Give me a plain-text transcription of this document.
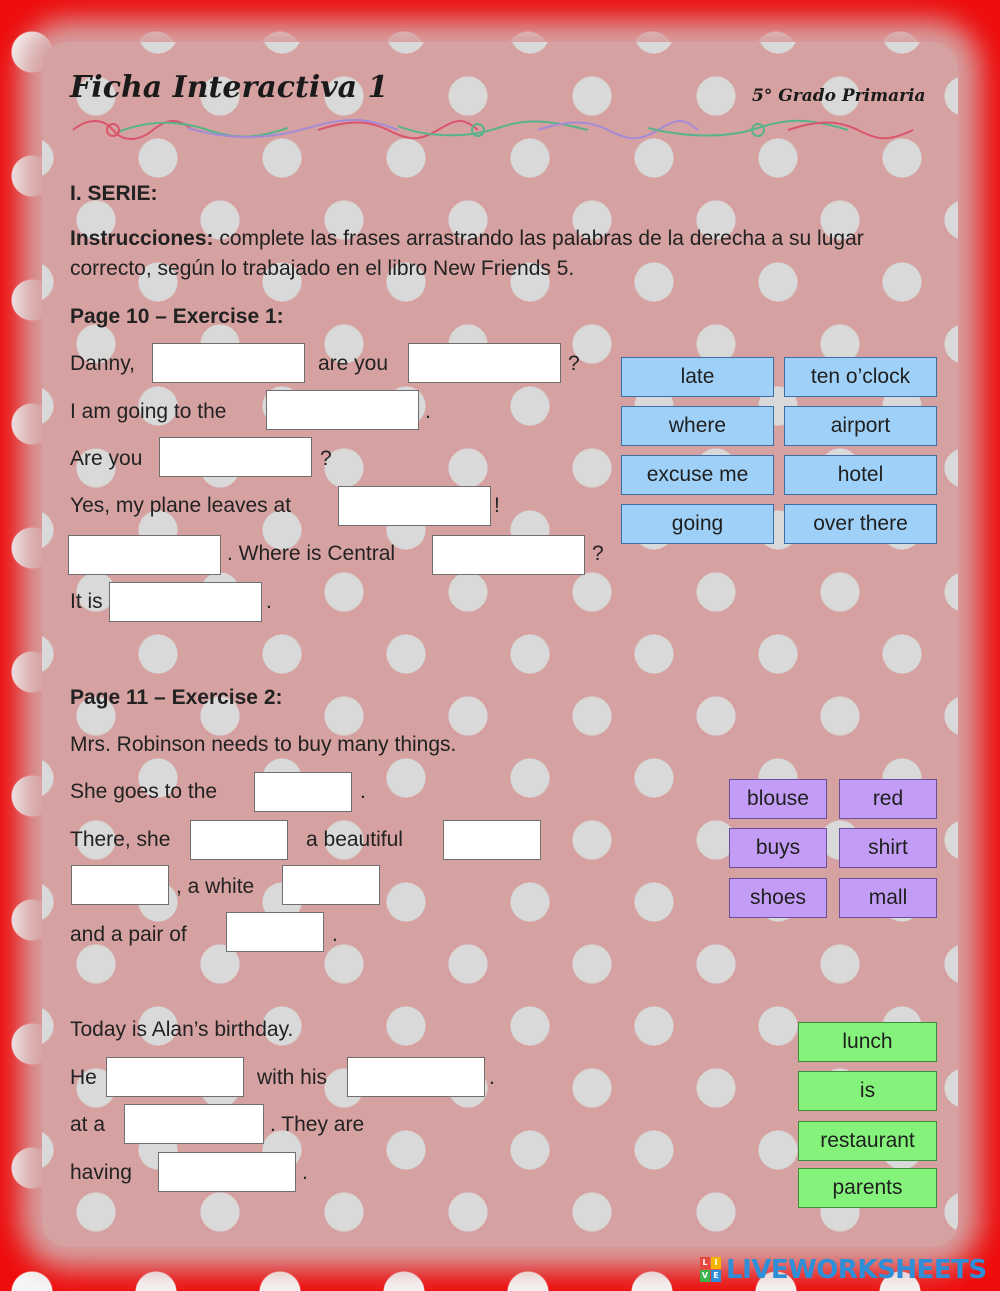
Ficha Interactiva 1	5° Grado Primaria
I. SERIE:
Instrucciones: complete las frases arrastrando las palabras de la derecha a su lugar correcto, según lo trabajado en el libro New Friends 5.
Page 10 – Exercise 1:
Danny,	are you	?
I am going to the	.
Are you	?
Yes, my plane leaves at	!
. Where is Central	?
It is	.
late	ten o’clock
where	airport
excuse me	hotel
going	over there
Page 11 – Exercise 2:
Mrs. Robinson needs to buy many things.
She goes to the	.
There, she	a beautiful
, a white
and a pair of	.
blouse	red
buys	shirt
shoes	mall
Today is Alan’s birthday.
He	with his	.
at a	. They are
having	.
lunch
is
restaurant
parents
L I
V E LIVEWORKSHEETS
